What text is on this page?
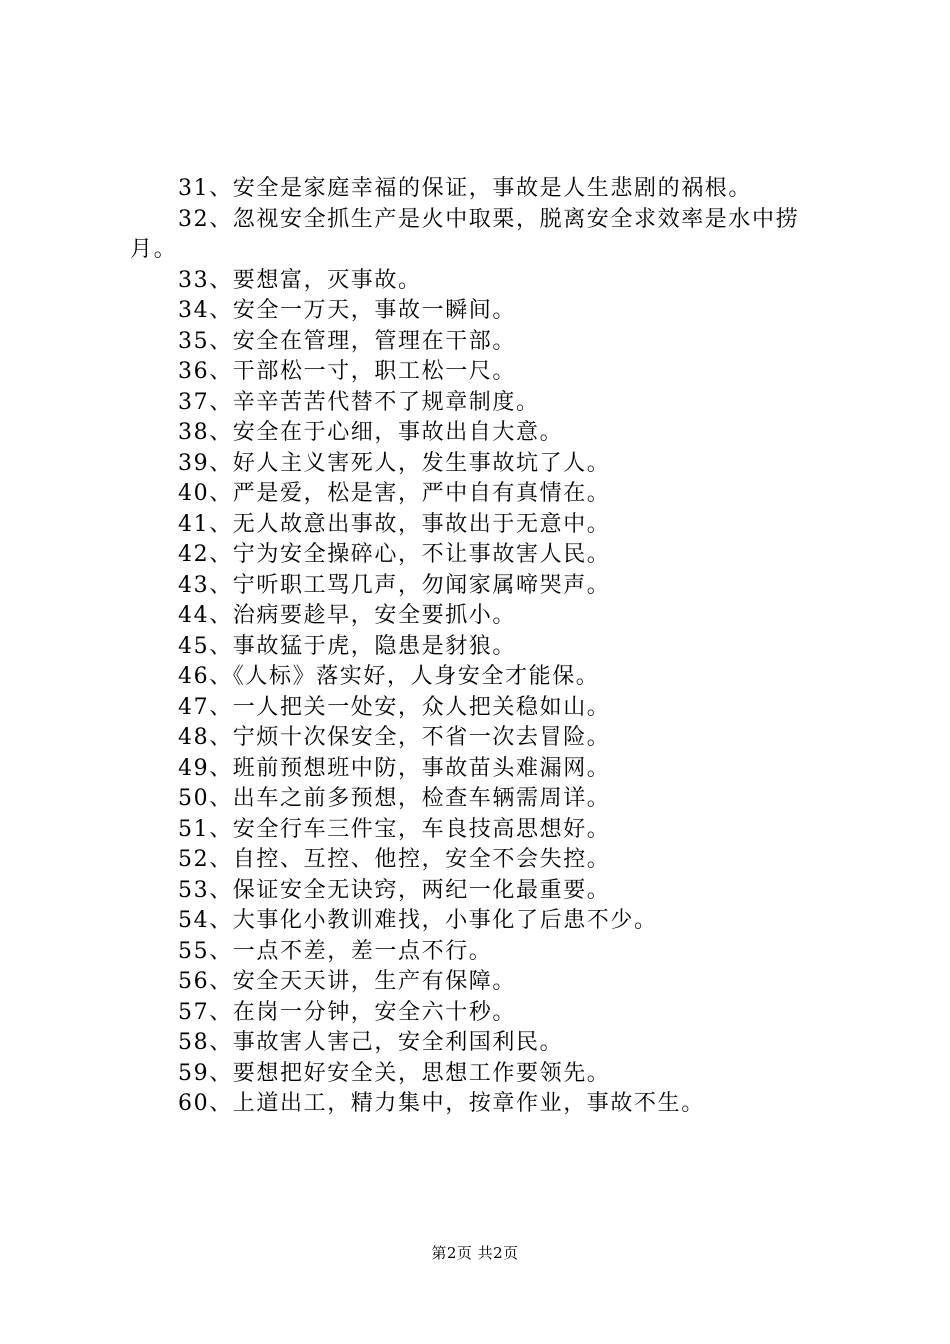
31、安全是家庭幸福的保证，事故是人生悲剧的祸根。

32、忽视安全抓生产是火中取栗，脱离安全求效率是水中捞月。

33、要想富，灭事故。

34、安全一万天，事故一瞬间。

35、安全在管理，管理在干部。

36、干部松一寸，职工松一尺。

37、辛辛苦苦代替不了规章制度。

38、安全在于心细，事故出自大意。

39、好人主义害死人，发生事故坑了人。

40、严是爱，松是害，严中自有真情在。

41、无人故意出事故，事故出于无意中。

42、宁为安全操碎心，不让事故害人民。

43、宁听职工骂几声，勿闻家属啼哭声。

44、治病要趁早，安全要抓小。

45、事故猛于虎，隐患是豺狼。

46、《人标》落实好，人身安全才能保。

47、一人把关一处安，众人把关稳如山。

48、宁烦十次保安全，不省一次去冒险。

49、班前预想班中防，事故苗头难漏网。

50、出车之前多预想，检查车辆需周详。

51、安全行车三件宝，车良技高思想好。

52、自控、互控、他控，安全不会失控。

53、保证安全无诀窍，两纪一化最重要。

54、大事化小教训难找，小事化了后患不少。

55、一点不差，差一点不行。

56、安全天天讲，生产有保障。

57、在岗一分钟，安全六十秒。

58、事故害人害己，安全利国利民。

59、要想把好安全关，思想工作要领先。

60、上道出工，精力集中，按章作业，事故不生。

第2页 共2页
